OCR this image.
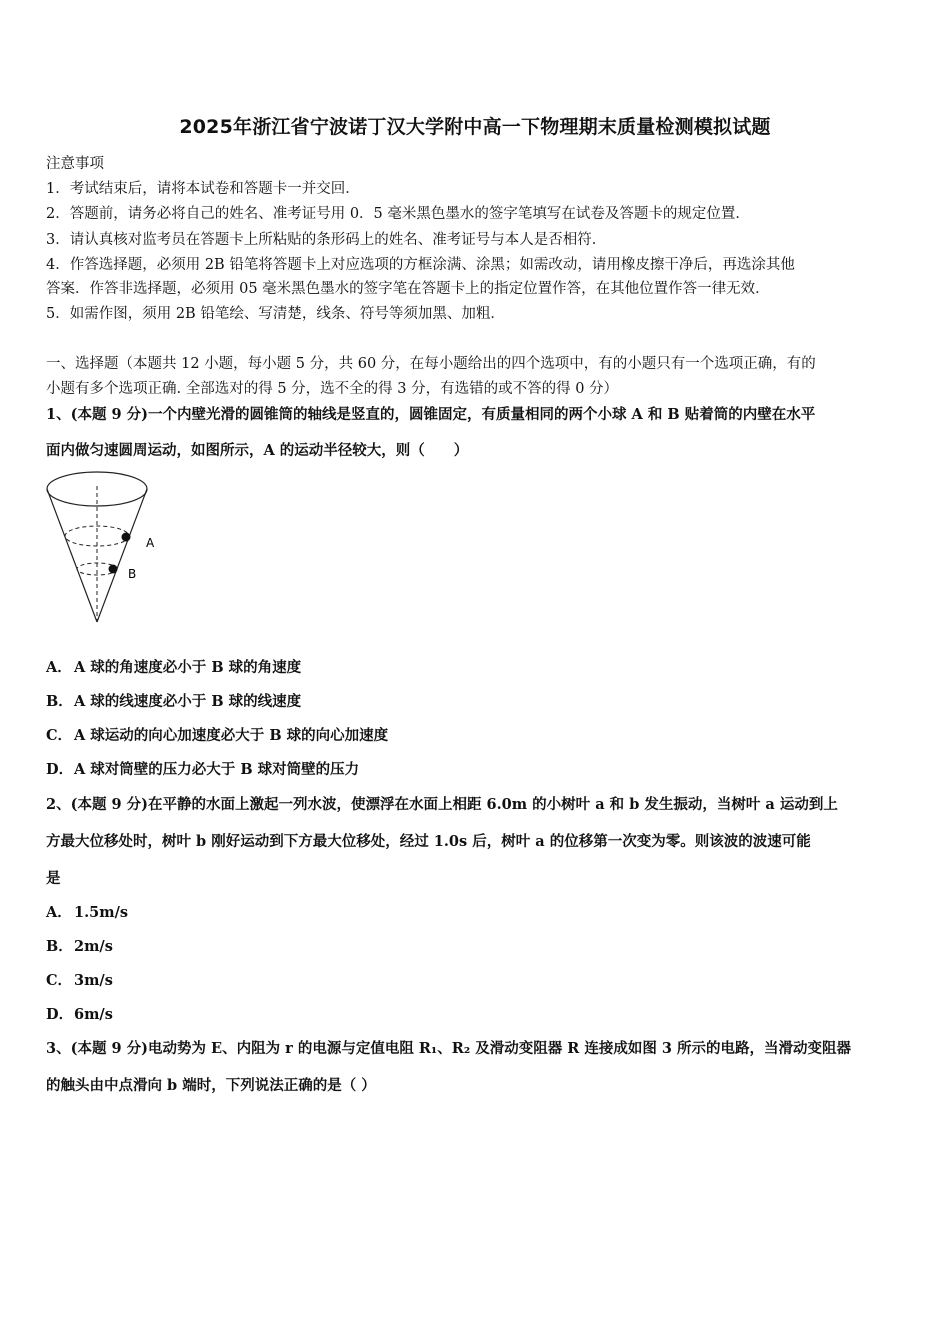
2025年浙江省宁波诺丁汉大学附中高一下物理期末质量检测模拟试题
注意事项
1．考试结束后，请将本试卷和答题卡一并交回．
2．答题前，请务必将自己的姓名、准考证号用 0．5 毫米黑色墨水的签字笔填写在试卷及答题卡的规定位置．
3．请认真核对监考员在答题卡上所粘贴的条形码上的姓名、准考证号与本人是否相符．
4．作答选择题，必须用 2B 铅笔将答题卡上对应选项的方框涂满、涂黑；如需改动，请用橡皮擦干净后，再选涂其他
答案．作答非选择题，必须用 05 毫米黑色墨水的签字笔在答题卡上的指定位置作答，在其他位置作答一律无效．
5．如需作图，须用 2B 铅笔绘、写清楚，线条、符号等须加黑、加粗．
一、选择题（本题共 12 小题，每小题 5 分，共 60 分，在每小题给出的四个选项中，有的小题只有一个选项正确，有的
小题有多个选项正确. 全部选对的得 5 分，选不全的得 3 分，有选错的或不答的得 0 分）
1、(本题 9 分)一个内壁光滑的圆锥筒的轴线是竖直的，圆锥固定，有质量相同的两个小球 A 和 B 贴着筒的内壁在水平
面内做匀速圆周运动，如图所示，A 的运动半径较大，则（　　）
A
B
A． A 球的角速度必小于 B 球的角速度
B．A 球的线速度必小于 B 球的线速度
C． A 球运动的向心加速度必大于 B 球的向心加速度
D．A 球对筒壁的压力必大于 B 球对筒壁的压力
2、(本题 9 分)在平静的水面上激起一列水波，使漂浮在水面上相距 6.0m 的小树叶 a 和 b 发生振动，当树叶 a 运动到上
方最大位移处时，树叶 b 刚好运动到下方最大位移处，经过 1.0s 后，树叶 a 的位移第一次变为零。则该波的波速可能
是
A． 1.5m/s
B．2m/s
C． 3m/s
D．6m/s
3、(本题 9 分)电动势为 E、内阻为 r 的电源与定值电阻 R₁、R₂ 及滑动变阻器 R 连接成如图 3 所示的电路，当滑动变阻器
的触头由中点滑向 b 端时，下列说法正确的是（ ）
